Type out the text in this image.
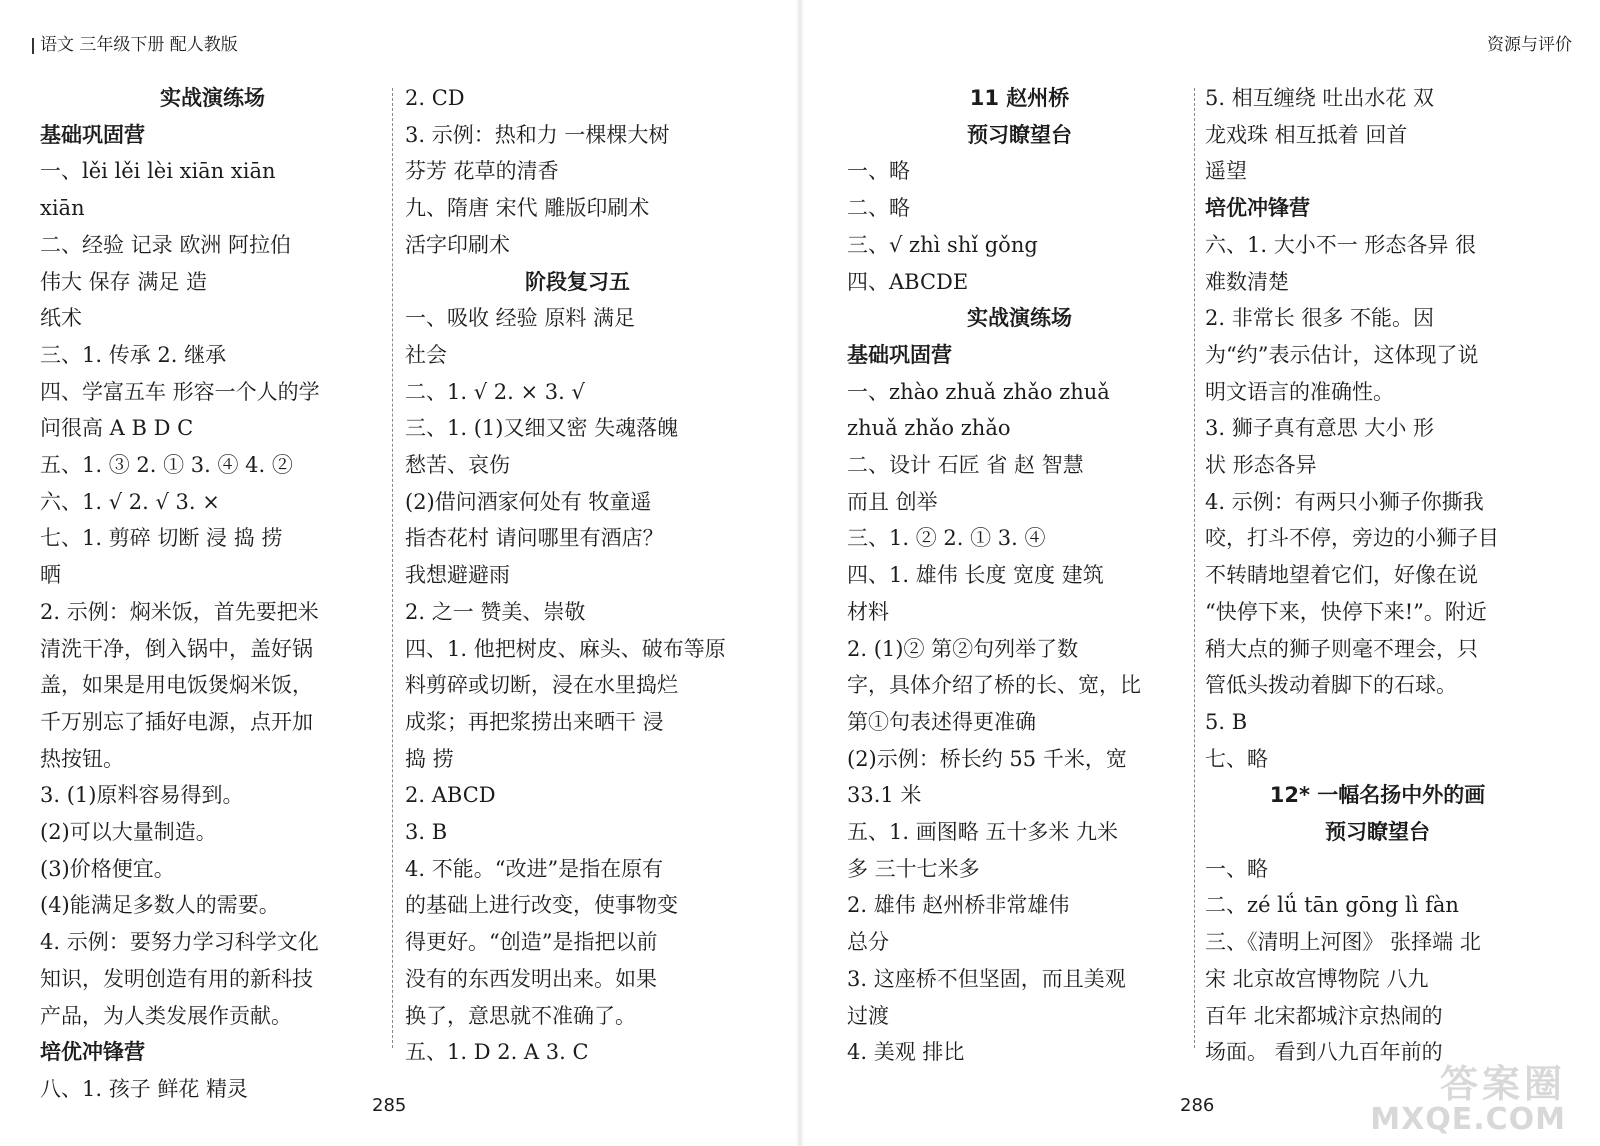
语文 三年级下册 配人教版
实战演练场
基础巩固营
一、lěi lěi lèi xiān xiān
xiān
二、经验 记录 欧洲 阿拉伯
伟大 保存 满足 造
纸术
三、1. 传承 2. 继承
四、学富五车 形容一个人的学
问很高 A B D C
五、1. ③ 2. ① 3. ④ 4. ②
六、1. √ 2. √ 3. ×
七、1. 剪碎 切断 浸 捣 捞
晒
2. 示例：焖米饭，首先要把米
清洗干净，倒入锅中，盖好锅
盖，如果是用电饭煲焖米饭，
千万别忘了插好电源，点开加
热按钮。
3. (1)原料容易得到。
(2)可以大量制造。
(3)价格便宜。
(4)能满足多数人的需要。
4. 示例：要努力学习科学文化
知识，发明创造有用的新科技
产品，为人类发展作贡献。
培优冲锋营
八、1. 孩子 鲜花 精灵
2. CD
3. 示例：热和力 一棵棵大树
芬芳 花草的清香
九、隋唐 宋代 雕版印刷术
活字印刷术
阶段复习五
一、吸收 经验 原料 满足
社会
二、1. √ 2. × 3. √
三、1. (1)又细又密 失魂落魄
愁苦、哀伤
(2)借问酒家何处有 牧童遥
指杏花村 请问哪里有酒店？
我想避避雨
2. 之一 赞美、崇敬
四、1. 他把树皮、麻头、破布等原
料剪碎或切断，浸在水里捣烂
成浆；再把浆捞出来晒干 浸
捣 捞
2. ABCD
3. B
4. 不能。“改进”是指在原有
的基础上进行改变，使事物变
得更好。“创造”是指把以前
没有的东西发明出来。如果
换了，意思就不准确了。
五、1. D 2. A 3. C
285
资源与评价
11 赵州桥
预习瞭望台
一、略
二、略
三、√ zhì shǐ gǒng
四、ABCDE
实战演练场
基础巩固营
一、zhào zhuǎ zhǎo zhuǎ
zhuǎ zhǎo zhǎo
二、设计 石匠 省 赵 智慧
而且 创举
三、1. ② 2. ① 3. ④
四、1. 雄伟 长度 宽度 建筑
材料
2. (1)② 第②句列举了数
字，具体介绍了桥的长、宽，比
第①句表述得更准确
(2)示例：桥长约 55 千米，宽
33.1 米
五、1. 画图略 五十多米 九米
多 三十七米多
2. 雄伟 赵州桥非常雄伟
总分
3. 这座桥不但坚固，而且美观
过渡
4. 美观 排比
5. 相互缠绕 吐出水花 双
龙戏珠 相互抵着 回首
遥望
培优冲锋营
六、1. 大小不一 形态各异 很
难数清楚
2. 非常长 很多 不能。因
为“约”表示估计，这体现了说
明文语言的准确性。
3. 狮子真有意思 大小 形
状 形态各异
4. 示例：有两只小狮子你撕我
咬，打斗不停，旁边的小狮子目
不转睛地望着它们，好像在说
“快停下来，快停下来!”。附近
稍大点的狮子则毫不理会，只
管低头拨动着脚下的石球。
5. B
七、略
12* 一幅名扬中外的画
预习瞭望台
一、略
二、zé lǘ tān gōng lì fàn
三、《清明上河图》 张择端 北
宋 北京故宫博物院 八九
百年 北宋都城汴京热闹的
场面。 看到八九百年前的
286	答案圈
MXQE.COM
